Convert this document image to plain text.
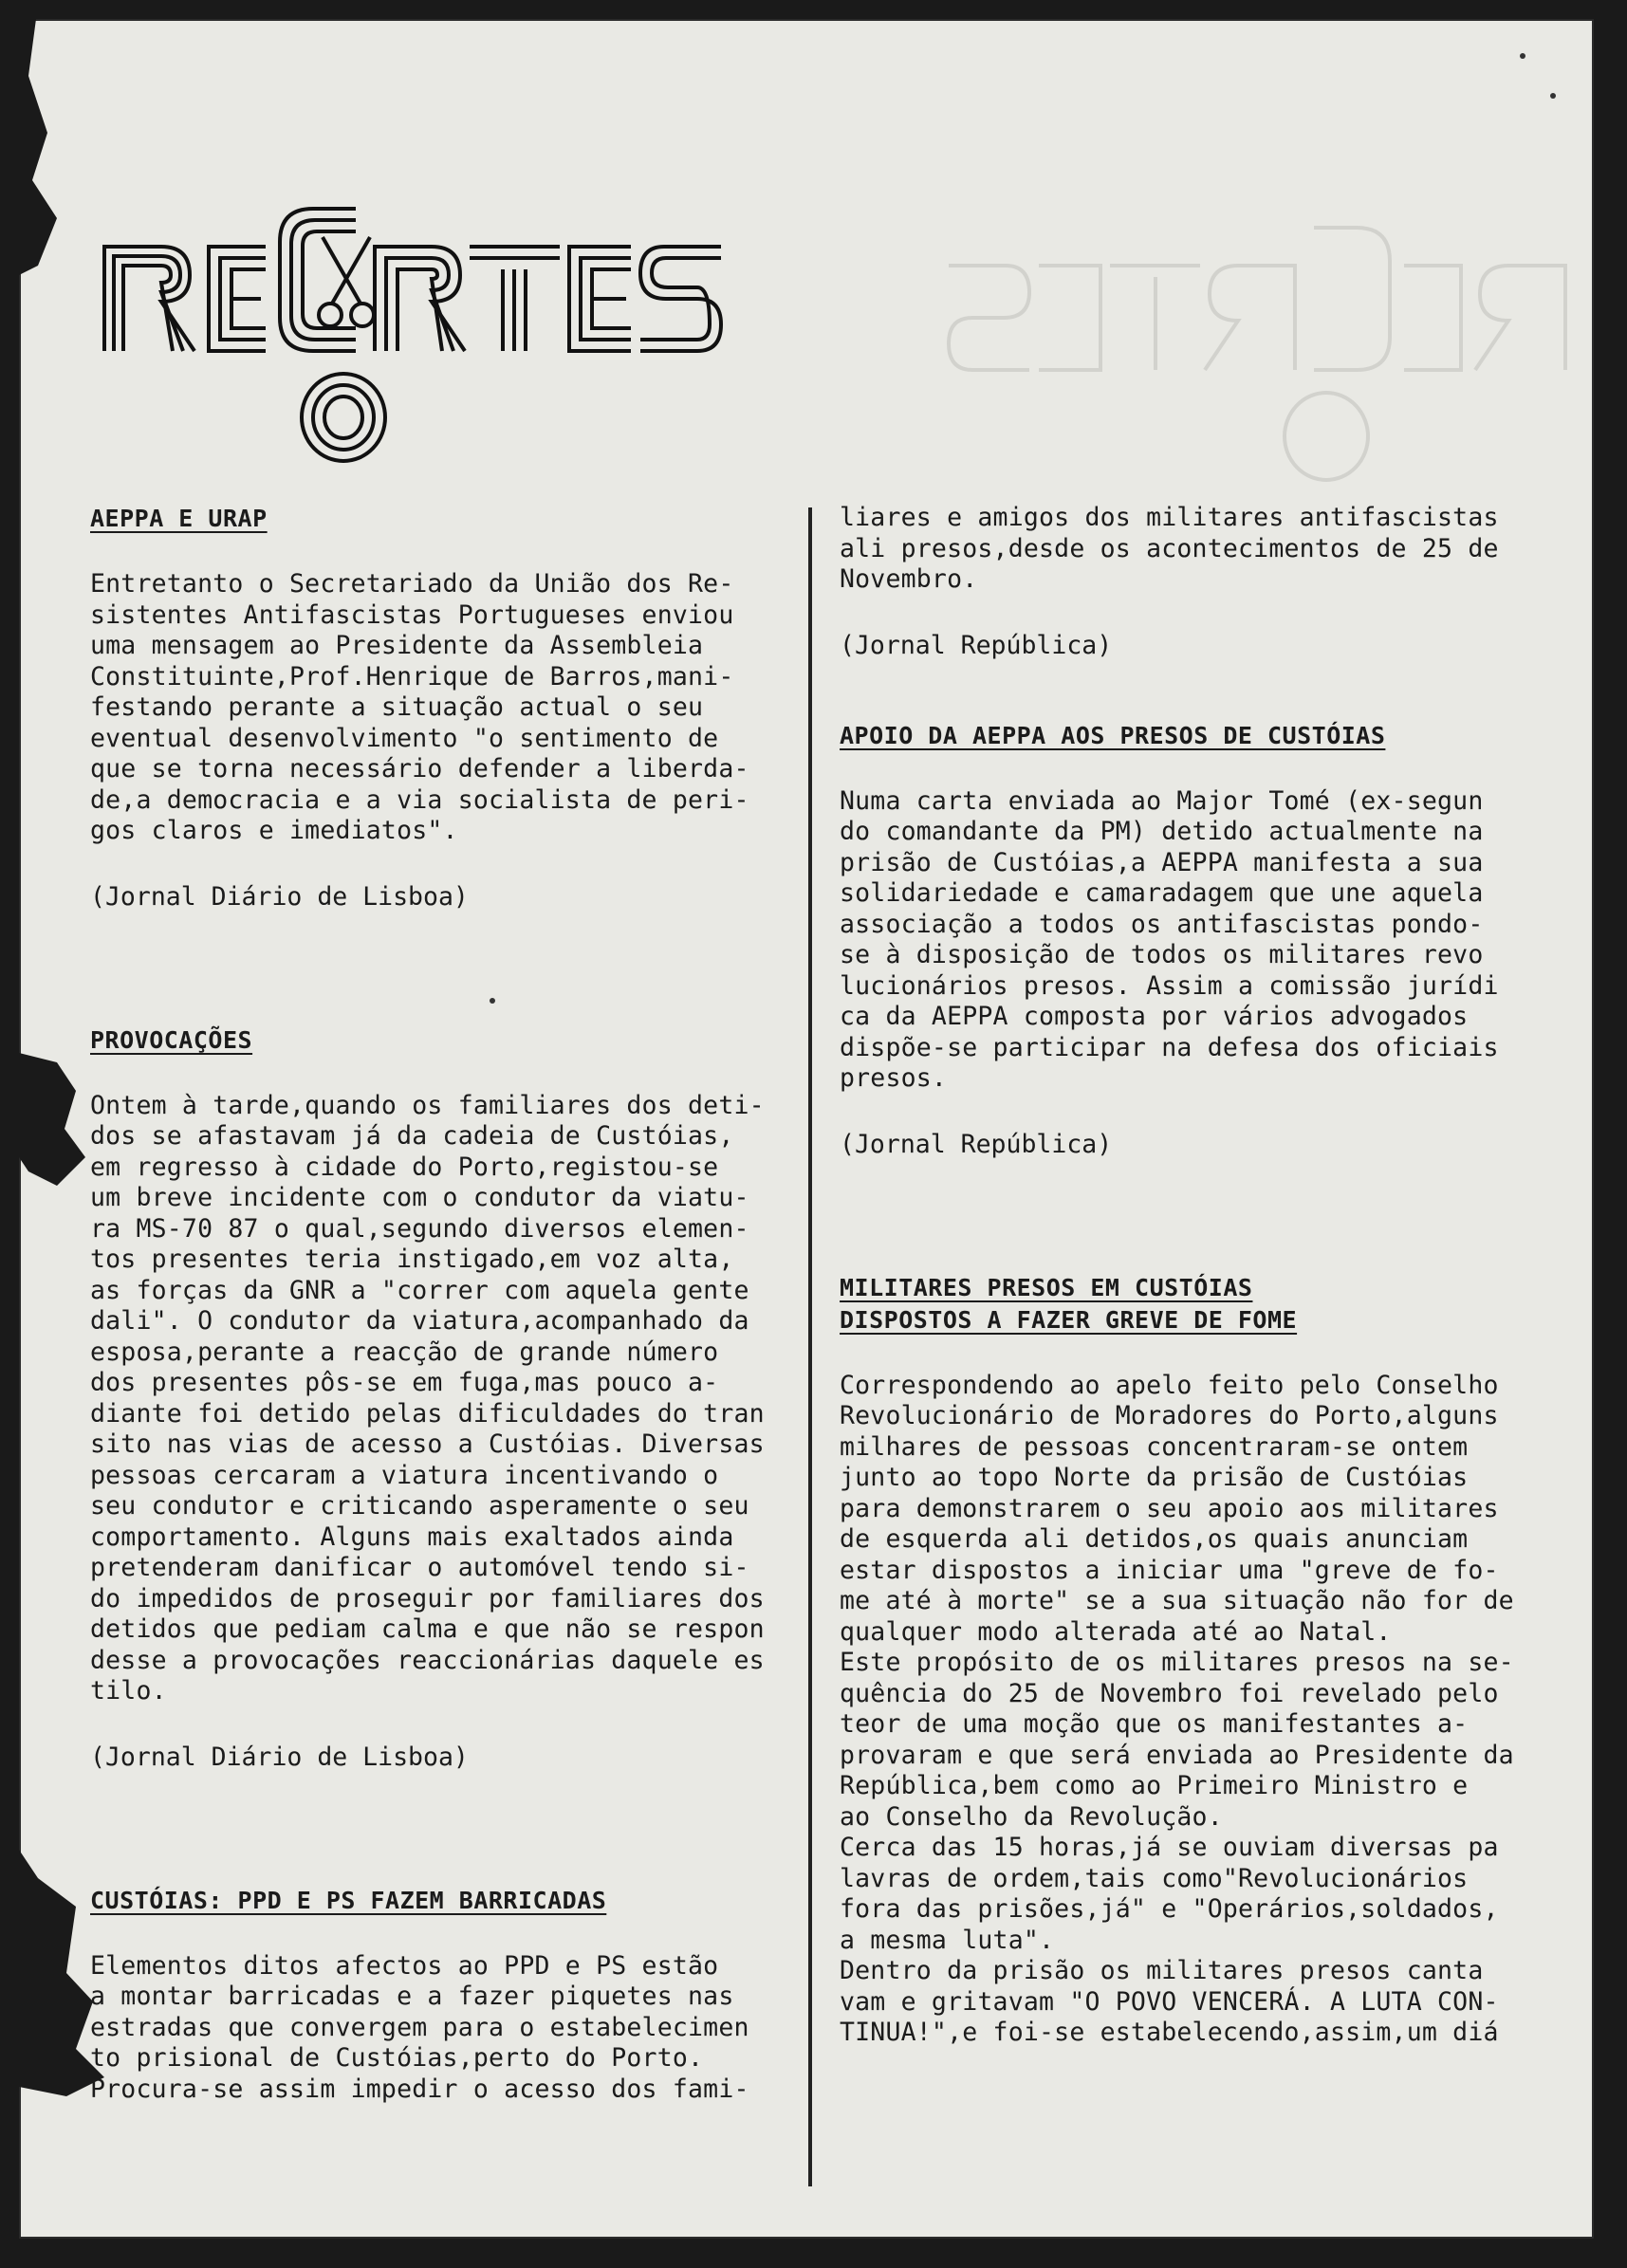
AEPPA E URAP

Entretanto o Secretariado da União dos Re-
sistentes Antifascistas Portugueses enviou
uma mensagem ao Presidente da Assembleia
Constituinte,Prof.Henrique de Barros,mani-
festando perante a situação actual o seu
eventual desenvolvimento "o sentimento de
que se torna necessário defender a liberda-
de,a democracia e a via socialista de peri-
gos claros e imediatos".

(Jornal Diário de Lisboa)

PROVOCAÇÕES

Ontem à tarde,quando os familiares dos deti-
dos se afastavam já da cadeia de Custóias,
em regresso à cidade do Porto,registou-se
um breve incidente com o condutor da viatu-
ra MS-70 87 o qual,segundo diversos elemen-
tos presentes teria instigado,em voz alta,
as forças da GNR a "correr com aquela gente
dali". O condutor da viatura,acompanhado da
esposa,perante a reacção de grande número
dos presentes pôs-se em fuga,mas pouco a-
diante foi detido pelas dificuldades do tran
sito nas vias de acesso a Custóias. Diversas
pessoas cercaram a viatura incentivando o
seu condutor e criticando asperamente o seu
comportamento. Alguns mais exaltados ainda
pretenderam danificar o automóvel tendo si-
do impedidos de proseguir por familiares dos
detidos que pediam calma e que não se respon
desse a provocações reaccionárias daquele es
tilo.

(Jornal Diário de Lisboa)

CUSTÓIAS: PPD E PS FAZEM BARRICADAS

Elementos ditos afectos ao PPD e PS estão
a montar barricadas e a fazer piquetes nas
estradas que convergem para o estabelecimen
to prisional de Custóias,perto do Porto.
Procura-se assim impedir o acesso dos fami-

liares e amigos dos militares antifascistas
ali presos,desde os acontecimentos de 25 de
Novembro.

(Jornal República)

APOIO DA AEPPA AOS PRESOS DE CUSTÓIAS

Numa carta enviada ao Major Tomé (ex-segun
do comandante da PM) detido actualmente na
prisão de Custóias,a AEPPA manifesta a sua
solidariedade e camaradagem que une aquela
associação a todos os antifascistas pondo-
se à disposição de todos os militares revo
lucionários presos. Assim a comissão jurídi
ca da AEPPA composta por vários advogados
dispõe-se participar na defesa dos oficiais
presos.

(Jornal República)

MILITARES PRESOS EM CUSTÓIAS
DISPOSTOS A FAZER GREVE DE FOME

Correspondendo ao apelo feito pelo Conselho
Revolucionário de Moradores do Porto,alguns
milhares de pessoas concentraram-se ontem
junto ao topo Norte da prisão de Custóias
para demonstrarem o seu apoio aos militares
de esquerda ali detidos,os quais anunciam
estar dispostos a iniciar uma "greve de fo-
me até à morte" se a sua situação não for de
qualquer modo alterada até ao Natal.
Este propósito de os militares presos na se-
quência do 25 de Novembro foi revelado pelo
teor de uma moção que os manifestantes a-
provaram e que será enviada ao Presidente da
República,bem como ao Primeiro Ministro e
ao Conselho da Revolução.
Cerca das 15 horas,já se ouviam diversas pa
lavras de ordem,tais como"Revolucionários
fora das prisões,já" e "Operários,soldados,
a mesma luta".
Dentro da prisão os militares presos canta
vam e gritavam "O POVO VENCERÁ. A LUTA CON-
TINUA!",e foi-se estabelecendo,assim,um diá
